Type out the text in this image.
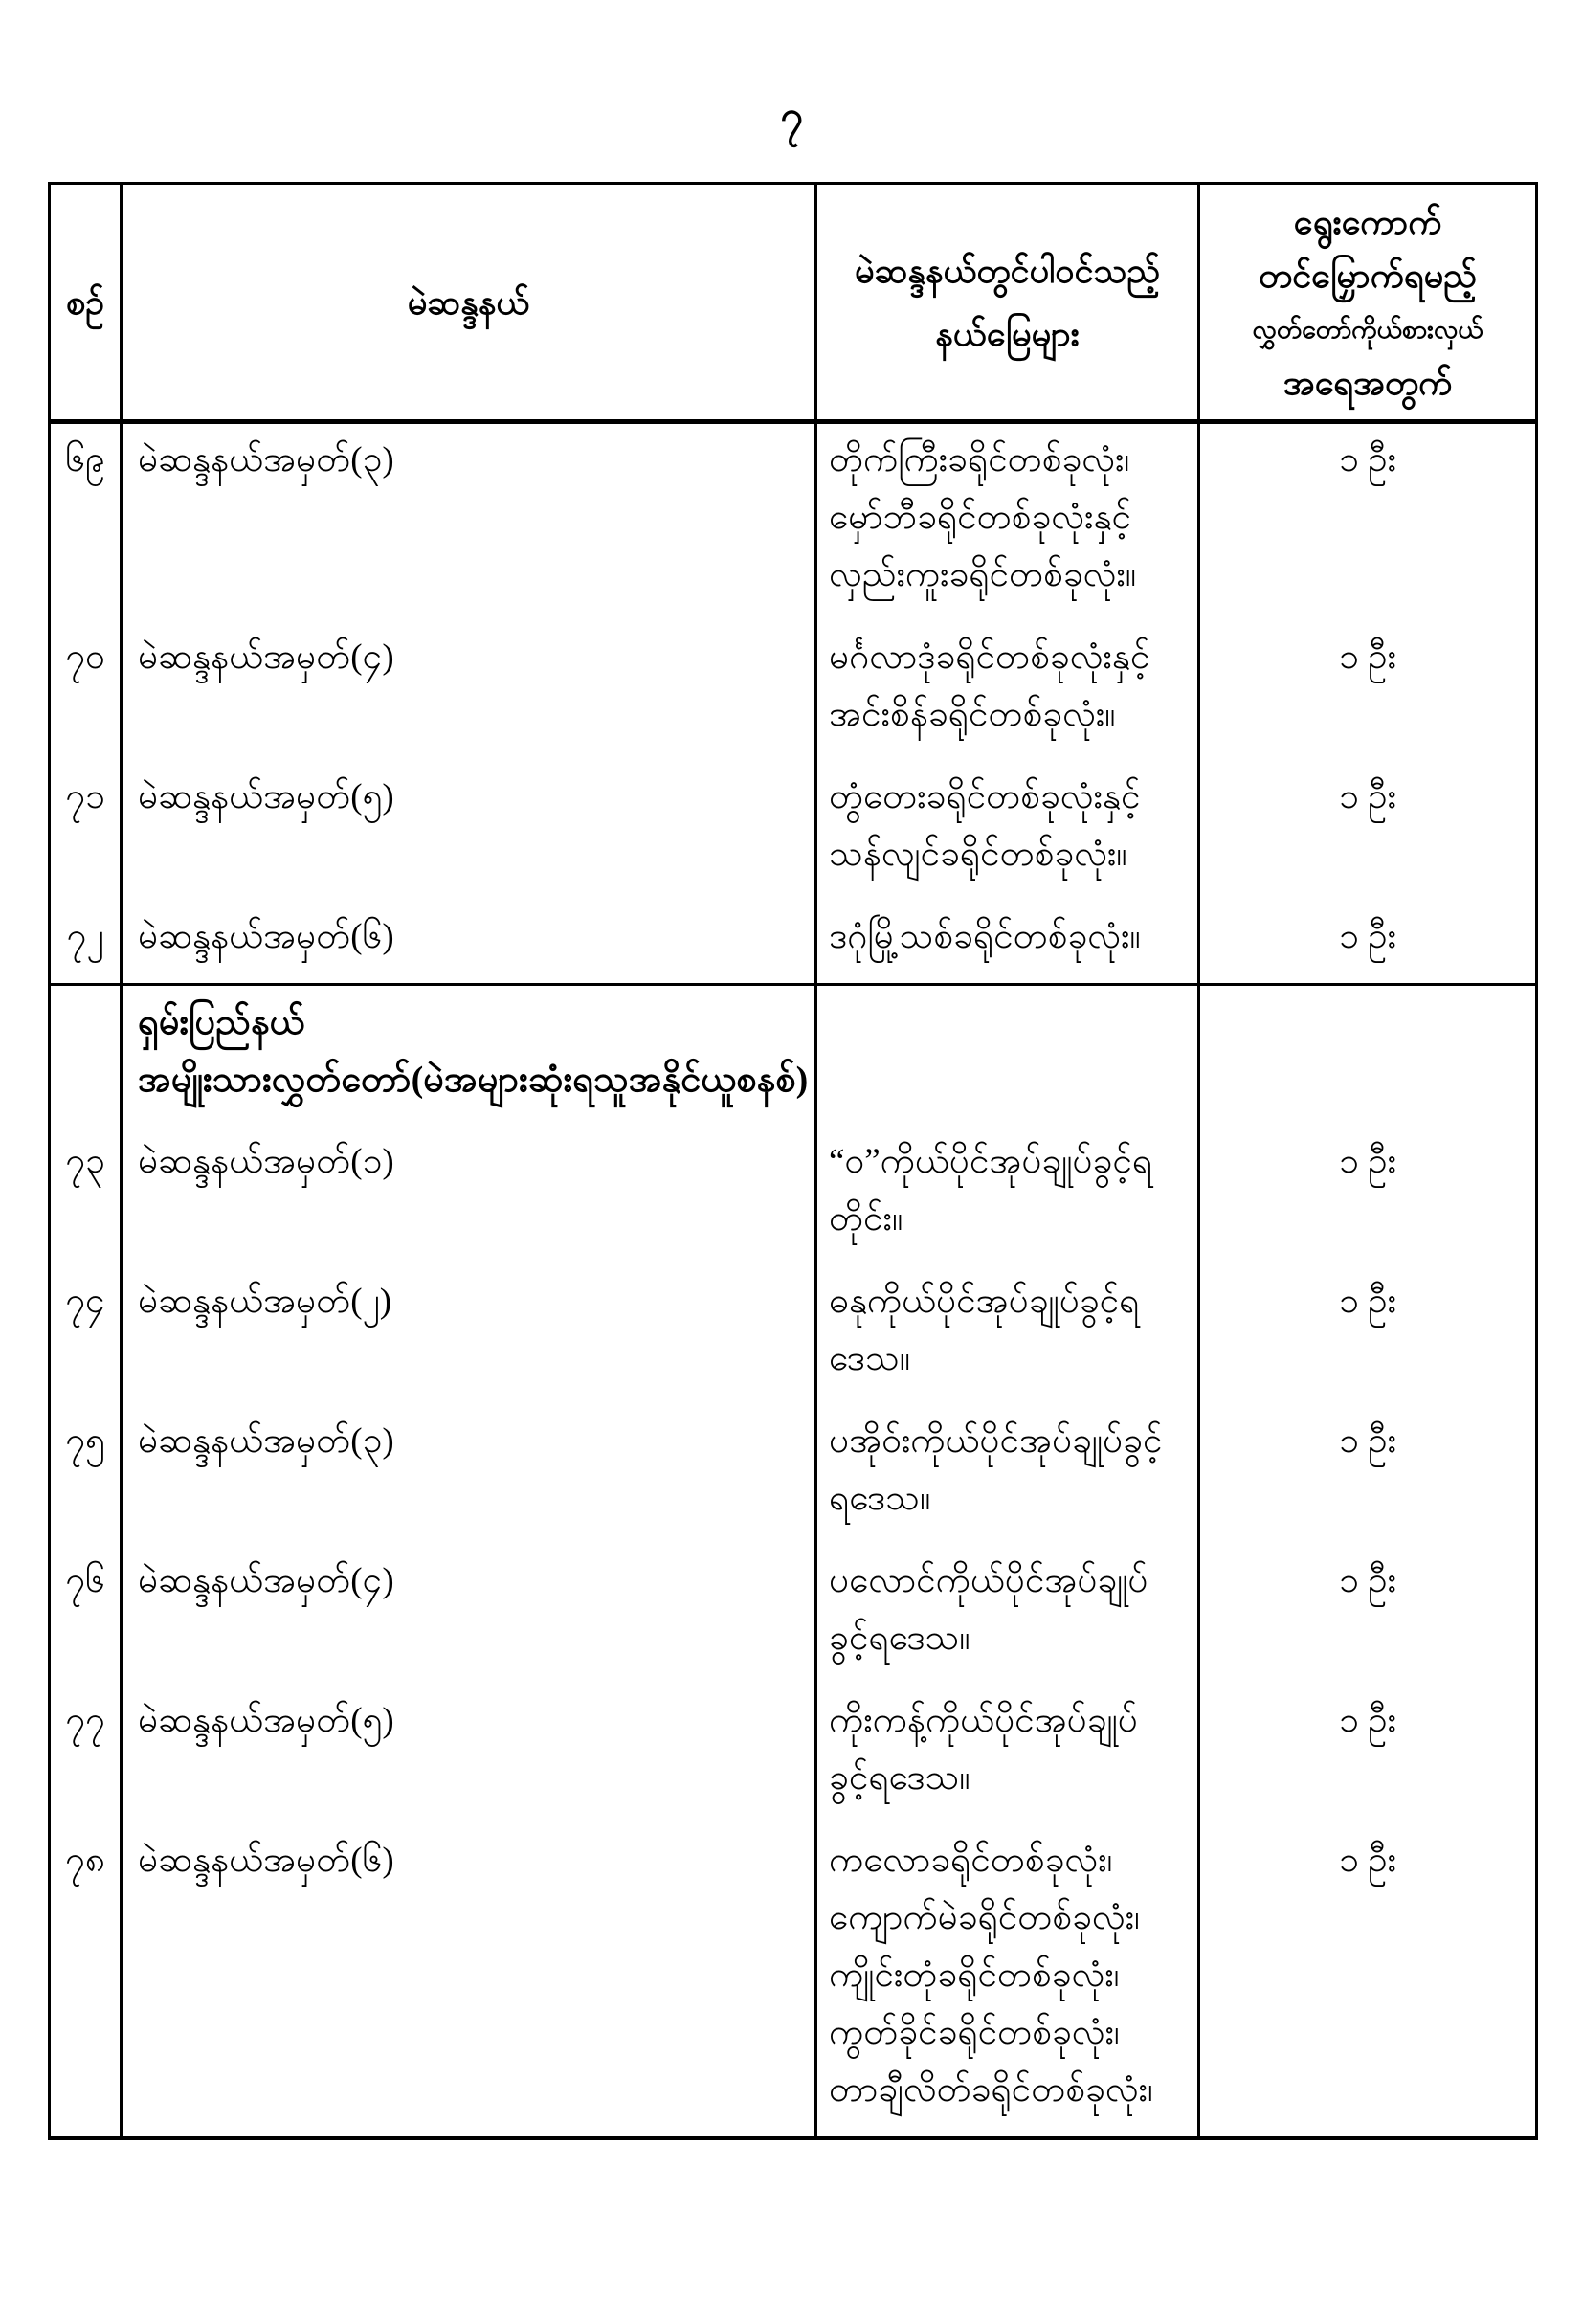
၇
စဉ်	မဲဆန္ဒနယ်
မဲဆန္ဒနယ်တွင်ပါဝင်သည့်
နယ်မြေများ
ရွေးကောက်
တင်မြှောက်ရမည့်
လွှတ်တော်ကိုယ်စားလှယ်
အရေအတွက်
၆၉ မဲဆန္ဒနယ်အမှတ်(၃)	တိုက်ကြီးခရိုင်တစ်ခုလုံး၊
မှော်ဘီခရိုင်တစ်ခုလုံးနှင့်
လှည်းကူးခရိုင်တစ်ခုလုံး။
၁ ဦး
၇၀ မဲဆန္ဒနယ်အမှတ်(၄)	မင်္ဂလာဒုံခရိုင်တစ်ခုလုံးနှင့်
အင်းစိန်ခရိုင်တစ်ခုလုံး။
၁ ဦး
၇၁ မဲဆန္ဒနယ်အမှတ်(၅)	တွံတေးခရိုင်တစ်ခုလုံးနှင့်
သန်လျင်ခရိုင်တစ်ခုလုံး။
၁ ဦး
၇၂ မဲဆန္ဒနယ်အမှတ်(၆)	ဒဂုံမြို့သစ်ခရိုင်တစ်ခုလုံး။	၁ ဦး
ရှမ်းပြည်နယ်
အမျိုးသားလွှတ်တော်(မဲအများဆုံးရသူအနိုင်ယူစနစ်)
၇၃ မဲဆန္ဒနယ်အမှတ်(၁)	“ဝ”ကိုယ်ပိုင်အုပ်ချုပ်ခွင့်ရ
တိုင်း။
၁ ဦး
၇၄ မဲဆန္ဒနယ်အမှတ်(၂)	ဓနုကိုယ်ပိုင်အုပ်ချုပ်ခွင့်ရ
ဒေသ။
၁ ဦး
၇၅ မဲဆန္ဒနယ်အမှတ်(၃)	ပအိုဝ်းကိုယ်ပိုင်အုပ်ချုပ်ခွင့်
ရဒေသ။
၁ ဦး
၇၆ မဲဆန္ဒနယ်အမှတ်(၄)	ပလောင်ကိုယ်ပိုင်အုပ်ချုပ်
ခွင့်ရဒေသ။
၁ ဦး
၇၇ မဲဆန္ဒနယ်အမှတ်(၅)	ကိုးကန့်ကိုယ်ပိုင်အုပ်ချုပ်
ခွင့်ရဒေသ။
၁ ဦး
၇၈ မဲဆန္ဒနယ်အမှတ်(၆)	ကလောခရိုင်တစ်ခုလုံး၊
ကျောက်မဲခရိုင်တစ်ခုလုံး၊
ကျိုင်းတုံခရိုင်တစ်ခုလုံး၊
ကွတ်ခိုင်ခရိုင်တစ်ခုလုံး၊
တာချီလိတ်ခရိုင်တစ်ခုလုံး၊
၁ ဦး
